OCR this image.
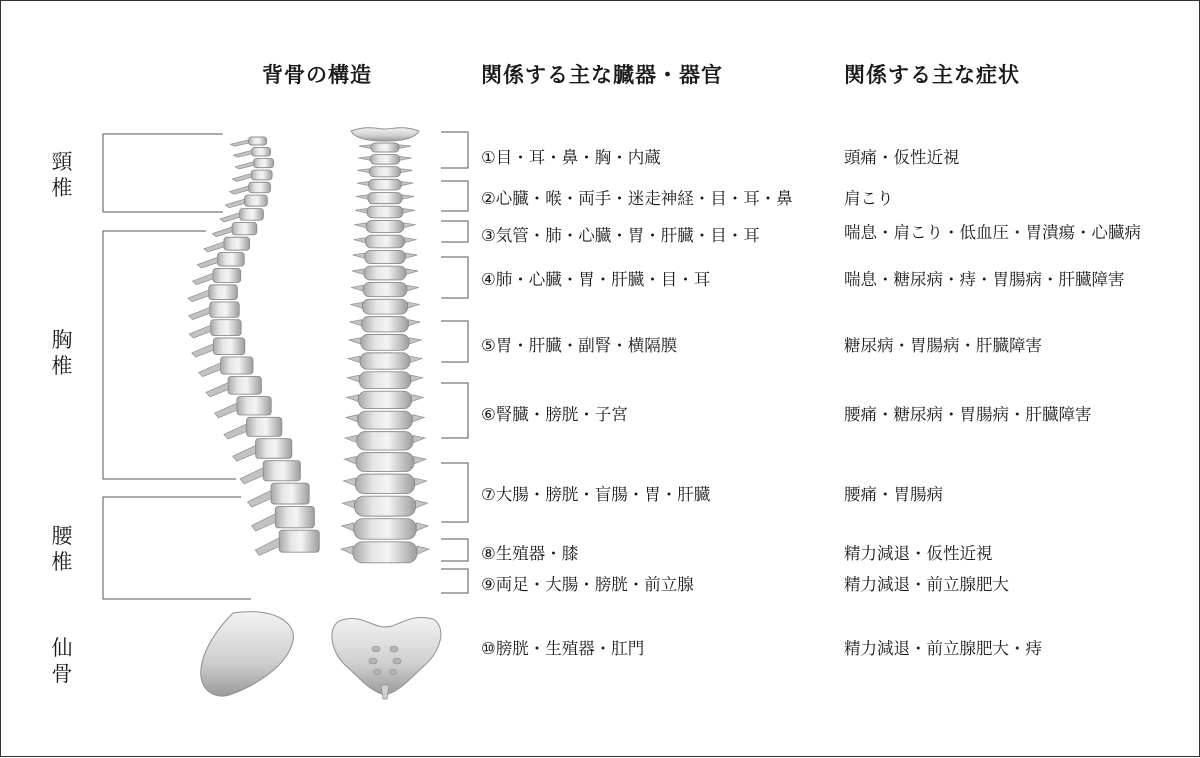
背骨の構造	関係する主な臓器・器官	関係する主な症状
頸
椎
胸
椎
腰
椎
仙
骨
①目・耳・鼻・胸・内蔵
②心臓・喉・両手・迷走神経・目・耳・鼻
③気管・肺・心臓・胃・肝臓・目・耳
④肺・心臓・胃・肝臓・目・耳
⑤胃・肝臓・副腎・横隔膜
⑥腎臓・膀胱・子宮
⑦大腸・膀胱・盲腸・胃・肝臓
⑧生殖器・膝
⑨両足・大腸・膀胱・前立腺
⑩膀胱・生殖器・肛門
頭痛・仮性近視
肩こり
喘息・肩こり・低血圧・胃潰瘍・心臓病
喘息・糖尿病・痔・胃腸病・肝臓障害
糖尿病・胃腸病・肝臓障害
腰痛・糖尿病・胃腸病・肝臓障害
腰痛・胃腸病
精力減退・仮性近視
精力減退・前立腺肥大
精力減退・前立腺肥大・痔
